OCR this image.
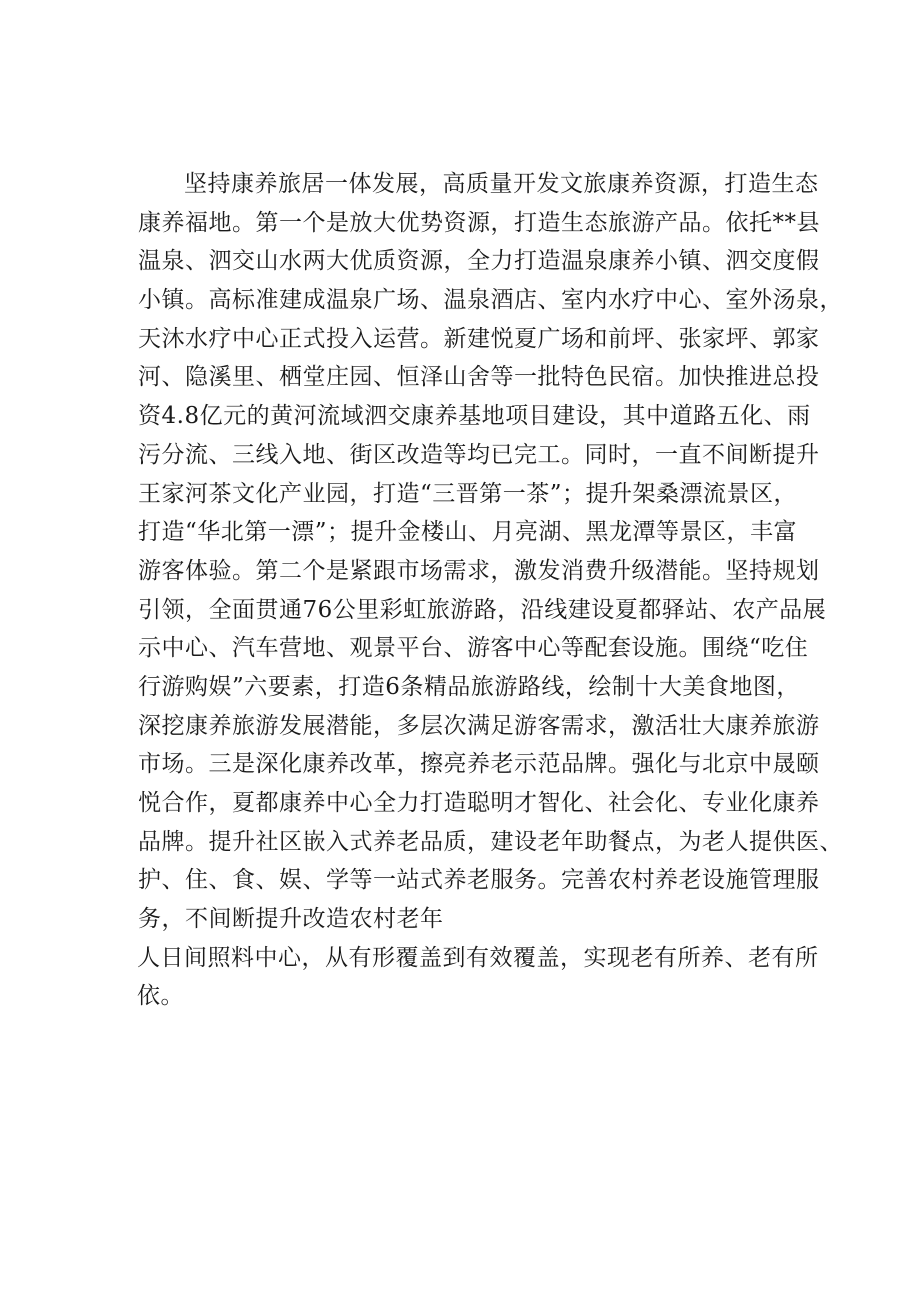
坚持康养旅居一体发展，高质量开发文旅康养资源，打造生态
康养福地。第一个是放大优势资源，打造生态旅游产品。依托**县
温泉、泗交山水两大优质资源，全力打造温泉康养小镇、泗交度假
小镇。高标准建成温泉广场、温泉酒店、室内水疗中心、室外汤泉，
天沐水疗中心正式投入运营。新建悦夏广场和前坪、张家坪、郭家
河、隐溪里、栖堂庄园、恒泽山舍等一批特色民宿。加快推进总投
资4.8亿元的黄河流域泗交康养基地项目建设，其中道路五化、雨
污分流、三线入地、街区改造等均已完工。同时，一直不间断提升
王家河茶文化产业园，打造“三晋第一茶”；提升架桑漂流景区，
打造“华北第一漂”；提升金楼山、月亮湖、黑龙潭等景区，丰富
游客体验。第二个是紧跟市场需求，激发消费升级潜能。坚持规划
引领，全面贯通76公里彩虹旅游路，沿线建设夏都驿站、农产品展
示中心、汽车营地、观景平台、游客中心等配套设施。围绕“吃住
行游购娱”六要素，打造6条精品旅游路线，绘制十大美食地图，
深挖康养旅游发展潜能，多层次满足游客需求，激活壮大康养旅游
市场。三是深化康养改革，擦亮养老示范品牌。强化与北京中晟颐
悦合作，夏都康养中心全力打造聪明才智化、社会化、专业化康养
品牌。提升社区嵌入式养老品质，建设老年助餐点，为老人提供医、
护、住、食、娱、学等一站式养老服务。完善农村养老设施管理服
务，不间断提升改造农村老年
人日间照料中心，从有形覆盖到有效覆盖，实现老有所养、老有所
依。
